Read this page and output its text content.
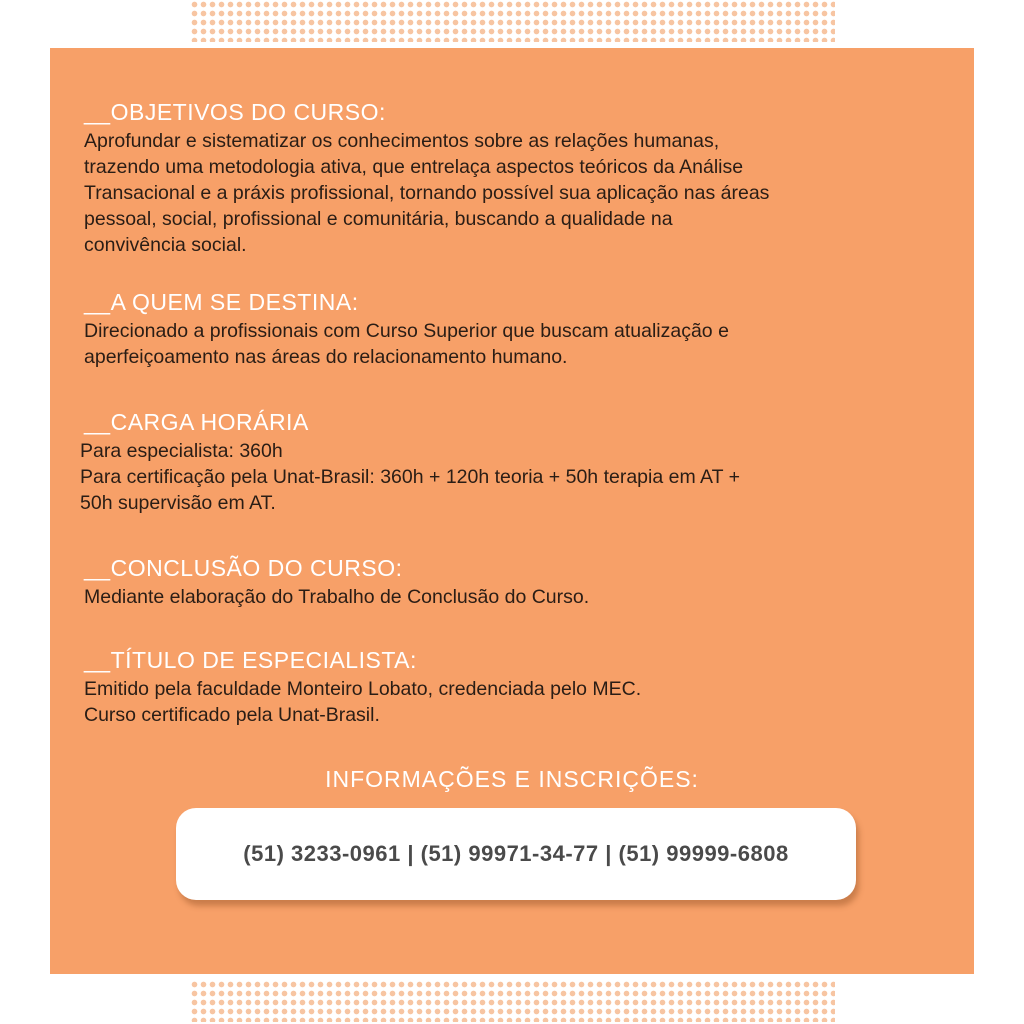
__OBJETIVOS DO CURSO:

Aprofundar e sistematizar os conhecimentos sobre as relações humanas,
trazendo uma metodologia ativa, que entrelaça aspectos teóricos da Análise
Transacional e a práxis profissional, tornando possível sua aplicação nas áreas
pessoal, social, profissional e comunitária, buscando a qualidade na
convivência social.

__A QUEM SE DESTINA:

Direcionado a profissionais com Curso Superior que buscam atualização e
aperfeiçoamento nas áreas do relacionamento humano.

__CARGA HORÁRIA

Para especialista: 360h
Para certificação pela Unat-Brasil: 360h + 120h teoria + 50h terapia em AT +
50h supervisão em AT.

__CONCLUSÃO DO CURSO:

Mediante elaboração do Trabalho de Conclusão do Curso.

__TÍTULO DE ESPECIALISTA:

Emitido pela faculdade Monteiro Lobato, credenciada pelo MEC.
Curso certificado pela Unat-Brasil.

INFORMAÇÕES E INSCRIÇÕES:
(51) 3233-0961 | (51) 99971-34-77 | (51) 99999-6808
